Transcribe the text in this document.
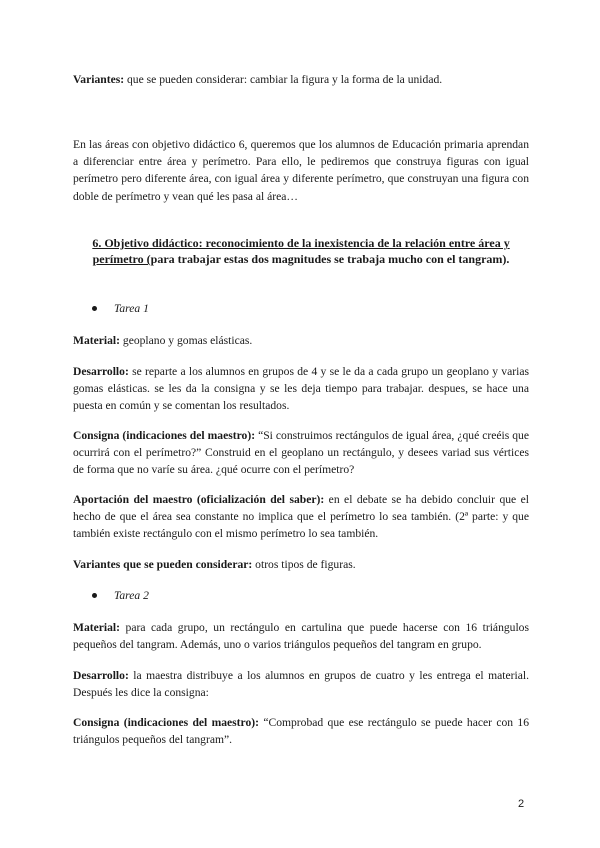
Variantes: que se pueden considerar: cambiar la figura y la forma de la unidad.
En las áreas con objetivo didáctico 6, queremos que los alumnos de Educación primaria aprendan a diferenciar entre área y perímetro. Para ello, le pediremos que construya figuras con igual perímetro pero diferente área, con igual área y diferente perímetro, que construyan una figura con doble de perímetro y vean qué les pasa al área…
6. Objetivo didáctico: reconocimiento de la inexistencia de la relación entre área y perímetro (para trabajar estas dos magnitudes se trabaja mucho con el tangram).
Tarea 1
Material: geoplano y gomas elásticas.
Desarrollo: se reparte a los alumnos en grupos de 4 y se le da a cada grupo un geoplano y varias gomas elásticas. se les da la consigna y se les deja tiempo para trabajar. despues, se hace una puesta en común y se comentan los resultados.
Consigna (indicaciones del maestro): “Si construimos rectángulos de igual área, ¿qué creéis que ocurrirá con el perímetro?” Construid en el geoplano un rectángulo, y desees variad sus vértices de forma que no varíe su área. ¿qué ocurre con el perímetro?
Aportación del maestro (oficialización del saber): en el debate se ha debido concluir que el hecho de que el área sea constante no implica que el perímetro lo sea también. (2ª parte: y que también existe rectángulo con el mismo perímetro lo sea también.
Variantes que se pueden considerar: otros tipos de figuras.
Tarea 2
Material: para cada grupo, un rectángulo en cartulina que puede hacerse con 16 triángulos pequeños del tangram. Además, uno o varios triángulos pequeños del tangram en grupo.
Desarrollo: la maestra distribuye a los alumnos en grupos de cuatro y les entrega el material. Después les dice la consigna:
Consigna (indicaciones del maestro): “Comprobad que ese rectángulo se puede hacer con 16 triángulos pequeños del tangram”.
2
